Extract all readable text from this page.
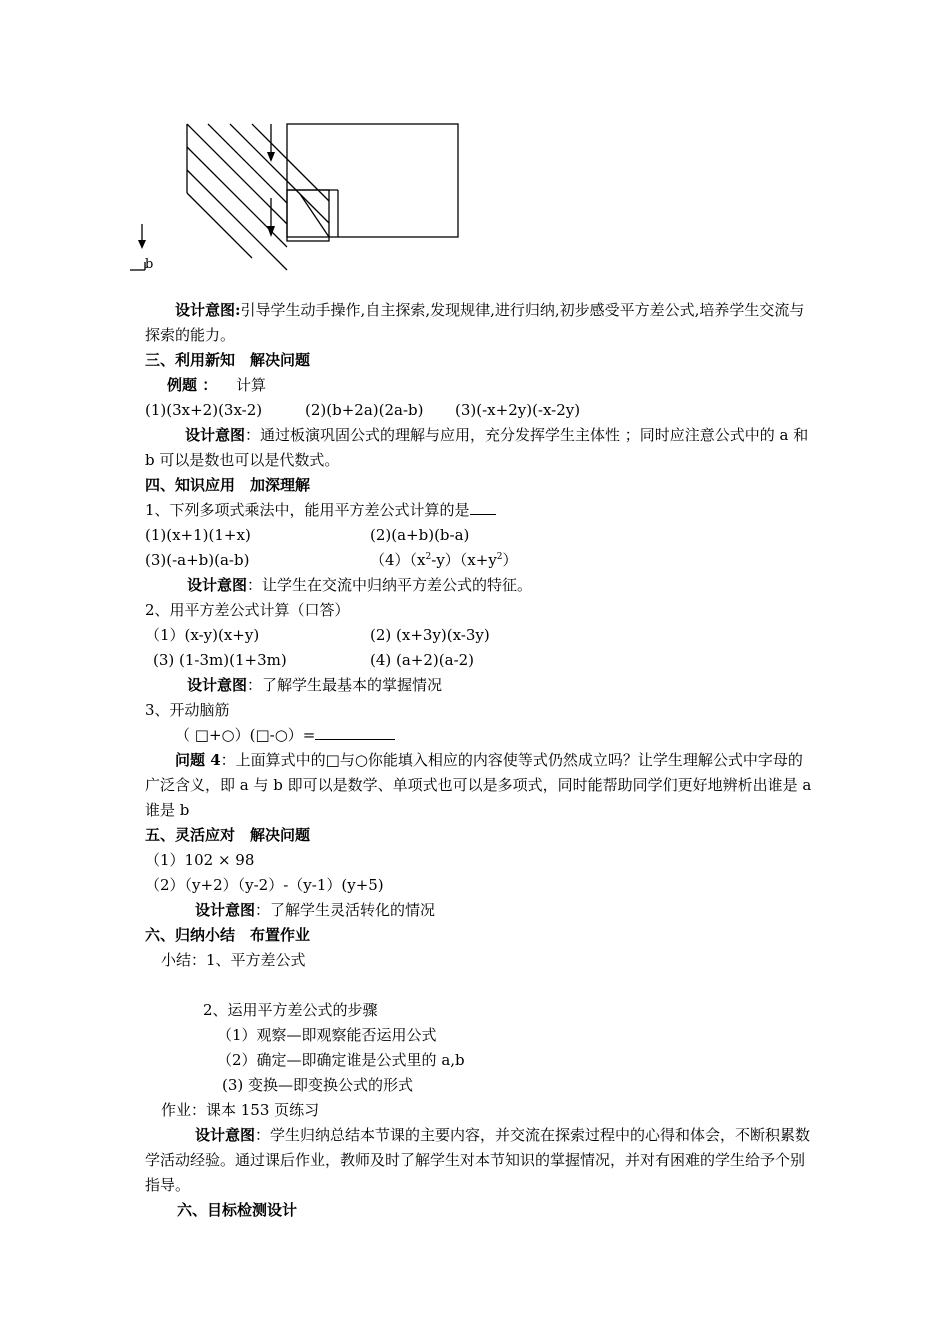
b
设计意图:引导学生动手操作,自主探索,发现规律,进行归纳,初步感受平方差公式,培养学生交流与探索的能力。
三、利用新知　解决问题
例题 ： 计算
(1)(3x+2)(3x-2)	(2)(b+2a)(2a-b) (3)(-x+2y)(-x-2y)
设计意图：通过板演巩固公式的理解与应用，充分发挥学生主体性 ；同时应注意公式中的 a 和 b 可以是数也可以是代数式。
四、知识应用　加深理解
1、下列多项式乘法中，能用平方差公式计算的是
(1)(x+1)(1+x)	(2)(a+b)(b-a)
(3)(-a+b)(a-b)	$(4)(x^2-y)(x+y^2)$
设计意图：让学生在交流中归纳平方差公式的特征。
2、用平方差公式计算（口答）
（1）(x-y)(x+y)	(2) (x+3y)(x-3y)
(3) (1-3m)(1+3m)	(4) (a+2)(a-2)
设计意图：了解学生最基本的掌握情况
3、开动脑筋
（ □+○）(□-○）=
问题 4：上面算式中的□与○你能填入相应的内容使等式仍然成立吗？让学生理解公式中字母的广泛含义，即 a 与 b 即可以是数学、单项式也可以是多项式，同时能帮助同学们更好地辨析出谁是 a 谁是 b
五、灵活应对　解决问题
（1）102 × 98
（2）（y+2）（y-2）-（y-1）(y+5)
设计意图：了解学生灵活转化的情况
六、归纳小结　布置作业
小结：1、平方差公式
2、运用平方差公式的步骤
（1）观察—即观察能否运用公式
（2）确定—即确定谁是公式里的 a,b
(3) 变换—即变换公式的形式
作业：课本 153 页练习
设计意图：学生归纳总结本节课的主要内容，并交流在探索过程中的心得和体会，不断积累数学活动经验。通过课后作业，教师及时了解学生对本节知识的掌握情况，并对有困难的学生给予个别指导。
六、目标检测设计
